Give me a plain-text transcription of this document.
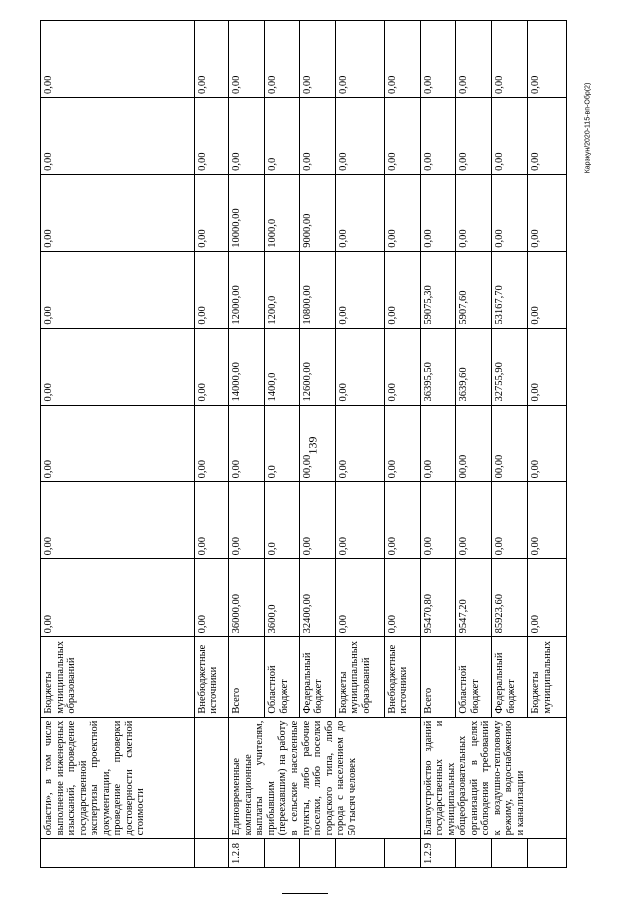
139
Карзкун/2020-115-вп-Обр(2)
	области», в том числе выполнение инженерных изысканий, проведение государственной экспертизы проектной документации, проведение проверки достоверности сметной стоимости	Бюджеты муниципальных образований	0,00	0,00	0,00	0,00	0,00	0,00	0,00	0,00
		Внебюджетные источники	0,00	0,00	0,00	0,00	0,00	0,00	0,00	0,00
1.2.8	Единовременные компенсационные выплаты учителям, прибывшим (переехавшим) на работу в сельские населенные пункты, либо рабочие поселки, либо поселки городского типа, либо города с населением до 50 тысяч человек	Всего	36000,00	0,00	0,00	14000,00	12000,00	10000,00	0,00	0,00
		Областной бюджет	3600,0	0,0	0,0	1400,0	1200,0	1000,0	0,0	0,00
		Федеральный бюджет	32400,00	0,00	00,00	12600,00	10800,00	9000,00	0,00	0,00
		Бюджеты муниципальных образований	0,00	0,00	0,00	0,00	0,00	0,00	0,00	0,00
		Внебюджетные источники	0,00	0,00	0,00	0,00	0,00	0,00	0,00	0,00
1.2.9	Благоустройство зданий государственных и муниципальных общеобразовательных организаций в целях соблюдения требований к воздушно-тепловому режиму, водоснабжению и канализации	Всего	95470,80	0,00	0,00	36395,50	59075,30	0,00	0,00	0,00
		Областной бюджет	9547,20	0,00	00,00	3639,60	5907,60	0,00	0,00	0,00
		Федеральный бюджет	85923,60	0,00	00,00	32755,90	53167,70	0,00	0,00	0,00
		Бюджеты муниципальных	0,00	0,00	0,00	0,00	0,00	0,00	0,00	0,00
